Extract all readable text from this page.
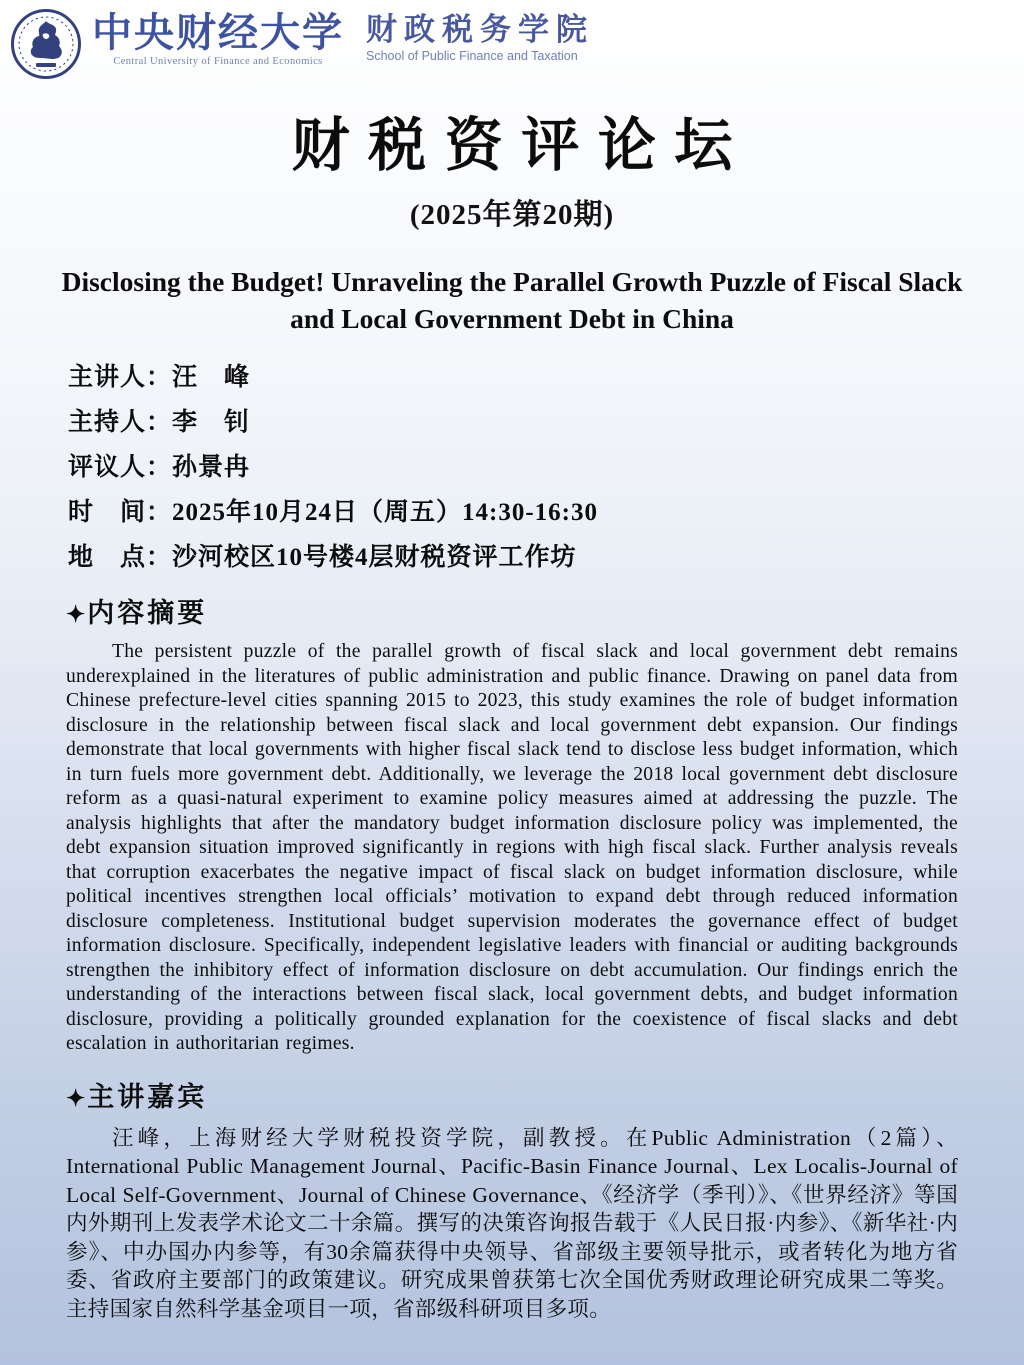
中央财经大学
Central University of Finance and Economics
财政税务学院
School of Public Finance and Taxation
财税资评论坛
(2025年第20期)
Disclosing the Budget! Unraveling the Parallel Growth Puzzle of Fiscal Slack and Local Government Debt in China
主讲人：汪　峰
主持人：李　钊
评议人：孙景冉
时　间：2025年10月24日（周五）14:30-16:30
地　点：沙河校区10号楼4层财税资评工作坊
✦内容摘要

The persistent puzzle of the parallel growth of fiscal slack and local government debt remains underexplained in the literatures of public administration and public finance. Drawing on panel data from Chinese prefecture-level cities spanning 2015 to 2023, this study examines the role of budget information disclosure in the relationship between fiscal slack and local government debt expansion. Our findings demonstrate that local governments with higher fiscal slack tend to disclose less budget information, which in turn fuels more government debt. Additionally, we leverage the 2018 local government debt disclosure reform as a quasi-natural experiment to examine policy measures aimed at addressing the puzzle. The analysis highlights that after the mandatory budget information disclosure policy was implemented, the debt expansion situation improved significantly in regions with high fiscal slack. Further analysis reveals that corruption exacerbates the negative impact of fiscal slack on budget information disclosure, while political incentives strengthen local officials’ motivation to expand debt through reduced information disclosure completeness. Institutional budget supervision moderates the governance effect of budget information disclosure. Specifically, independent legislative leaders with financial or auditing backgrounds strengthen the inhibitory effect of information disclosure on debt accumulation. Our findings enrich the understanding of the interactions between fiscal slack, local government debts, and budget information disclosure, providing a politically grounded explanation for the coexistence of fiscal slacks and debt escalation in authoritarian regimes.

✦主讲嘉宾

汪峰，上海财经大学财税投资学院，副教授。在Public Administration（2篇）、International Public Management Journal、Pacific-Basin Finance Journal、Lex Localis-Journal of Local Self-Government、Journal of Chinese Governance、《经济学（季刊）》、《世界经济》等国内外期刊上发表学术论文二十余篇。撰写的决策咨询报告载于《人民日报·内参》、《新华社·内参》、中办国办内参等，有30余篇获得中央领导、省部级主要领导批示，或者转化为地方省委、省政府主要部门的政策建议。研究成果曾获第七次全国优秀财政理论研究成果二等奖。主持国家自然科学基金项目一项，省部级科研项目多项。
